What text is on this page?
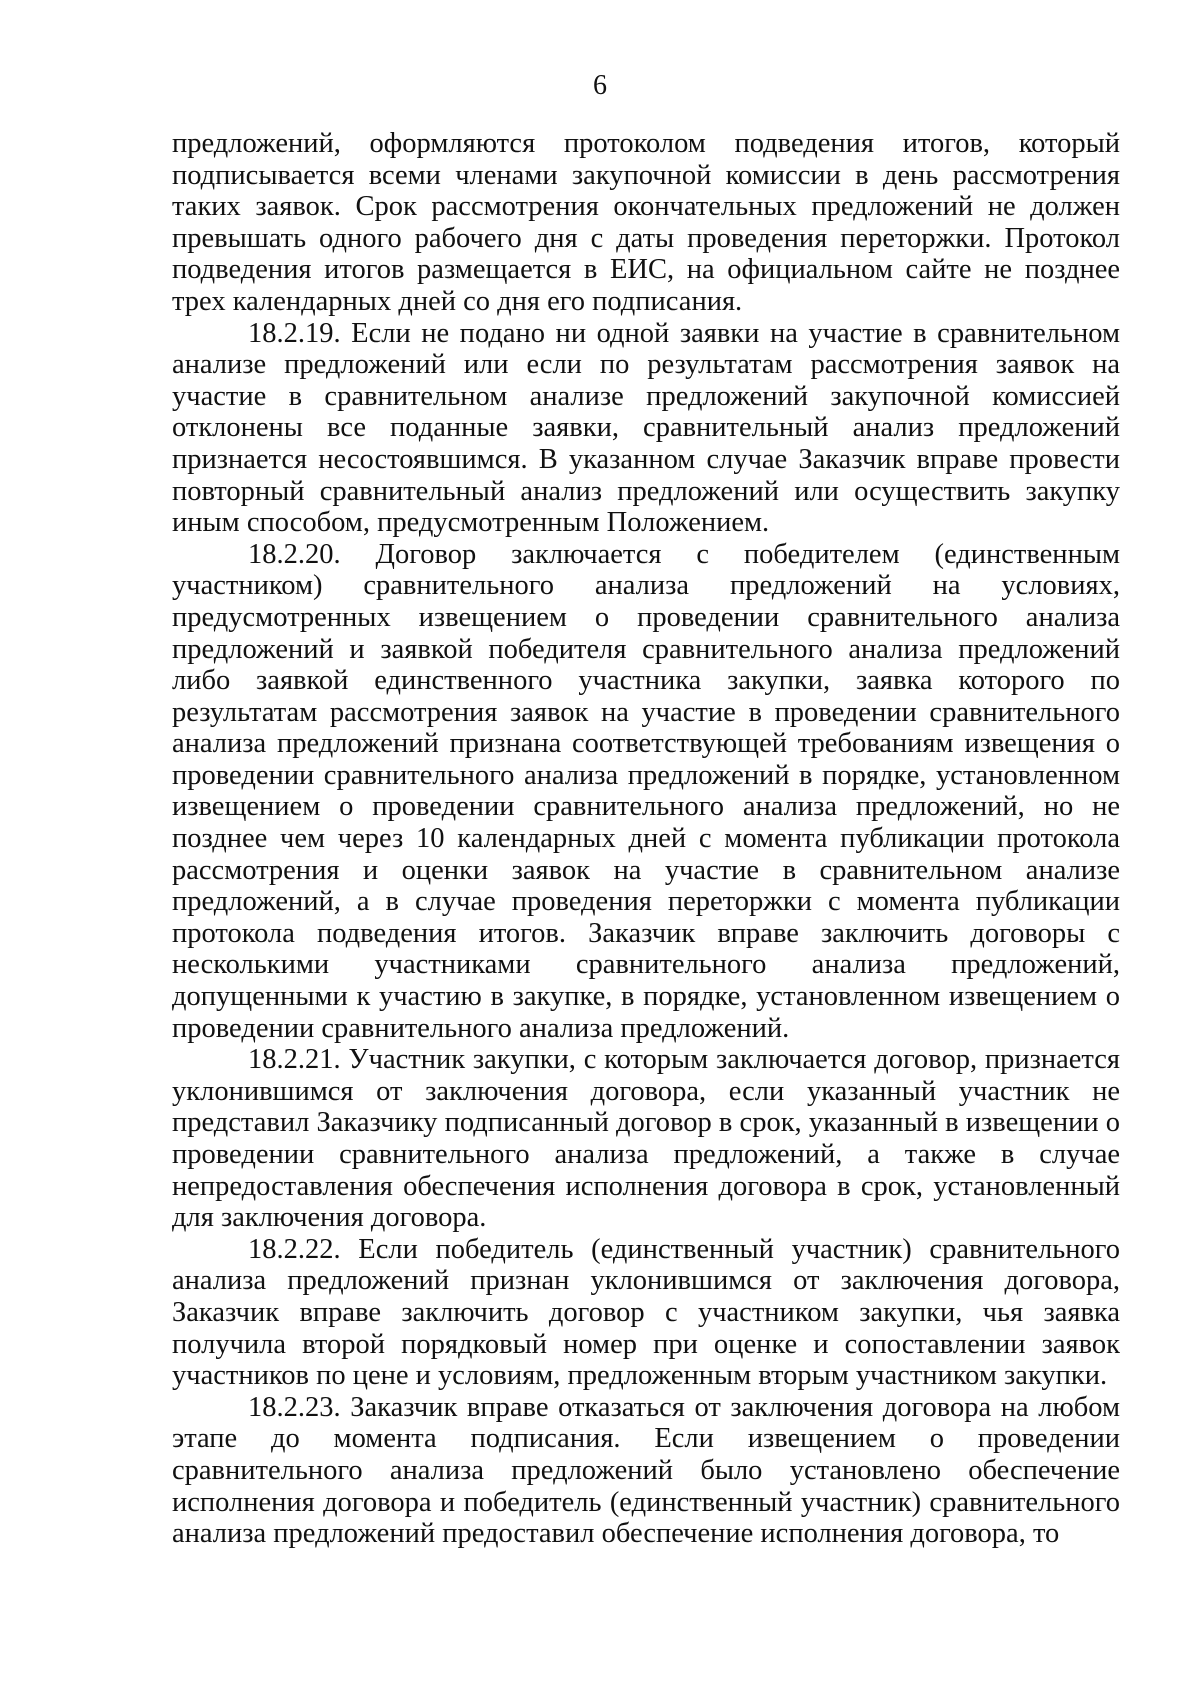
6

предложений, оформляются протоколом подведения итогов, который подписывается всеми членами закупочной комиссии в день рассмотрения таких заявок. Срок рассмотрения окончательных предложений не должен превышать одного рабочего дня с даты проведения переторжки. Протокол подведения итогов размещается в ЕИС, на официальном сайте не позднее трех календарных дней со дня его подписания.

18.2.19. Если не подано ни одной заявки на участие в сравнительном анализе предложений или если по результатам рассмотрения заявок на участие в сравнительном анализе предложений закупочной комиссией отклонены все поданные заявки, сравнительный анализ предложений признается несостоявшимся. В указанном случае Заказчик вправе провести повторный сравнительный анализ предложений или осуществить закупку иным способом, предусмотренным Положением.

18.2.20. Договор заключается с победителем (единственным участником) сравнительного анализа предложений на условиях, предусмотренных извещением о проведении сравнительного анализа предложений и заявкой победителя сравнительного анализа предложений либо заявкой единственного участника закупки, заявка которого по результатам рассмотрения заявок на участие в проведении сравнительного анализа предложений признана соответствующей требованиям извещения о проведении сравнительного анализа предложений в порядке, установленном извещением о проведении сравнительного анализа предложений, но не позднее чем через 10 календарных дней с момента публикации протокола рассмотрения и оценки заявок на участие в сравнительном анализе предложений, а в случае проведения переторжки с момента публикации протокола подведения итогов. Заказчик вправе заключить договоры с несколькими участниками сравнительного анализа предложений, допущенными к участию в закупке, в порядке, установленном извещением о проведении сравнительного анализа предложений.

18.2.21. Участник закупки, с которым заключается договор, признается уклонившимся от заключения договора, если указанный участник не представил Заказчику подписанный договор в срок, указанный в извещении о проведении сравнительного анализа предложений, а также в случае непредоставления обеспечения исполнения договора в срок, установленный для заключения договора.

18.2.22. Если победитель (единственный участник) сравнительного анализа предложений признан уклонившимся от заключения договора, Заказчик вправе заключить договор с участником закупки, чья заявка получила второй порядковый номер при оценке и сопоставлении заявок участников по цене и условиям, предложенным вторым участником закупки.

18.2.23. Заказчик вправе отказаться от заключения договора на любом этапе до момента подписания. Если извещением о проведении сравнительного анализа предложений было установлено обеспечение исполнения договора и победитель (единственный участник) сравнительного анализа предложений предоставил обеспечение исполнения договора, то
